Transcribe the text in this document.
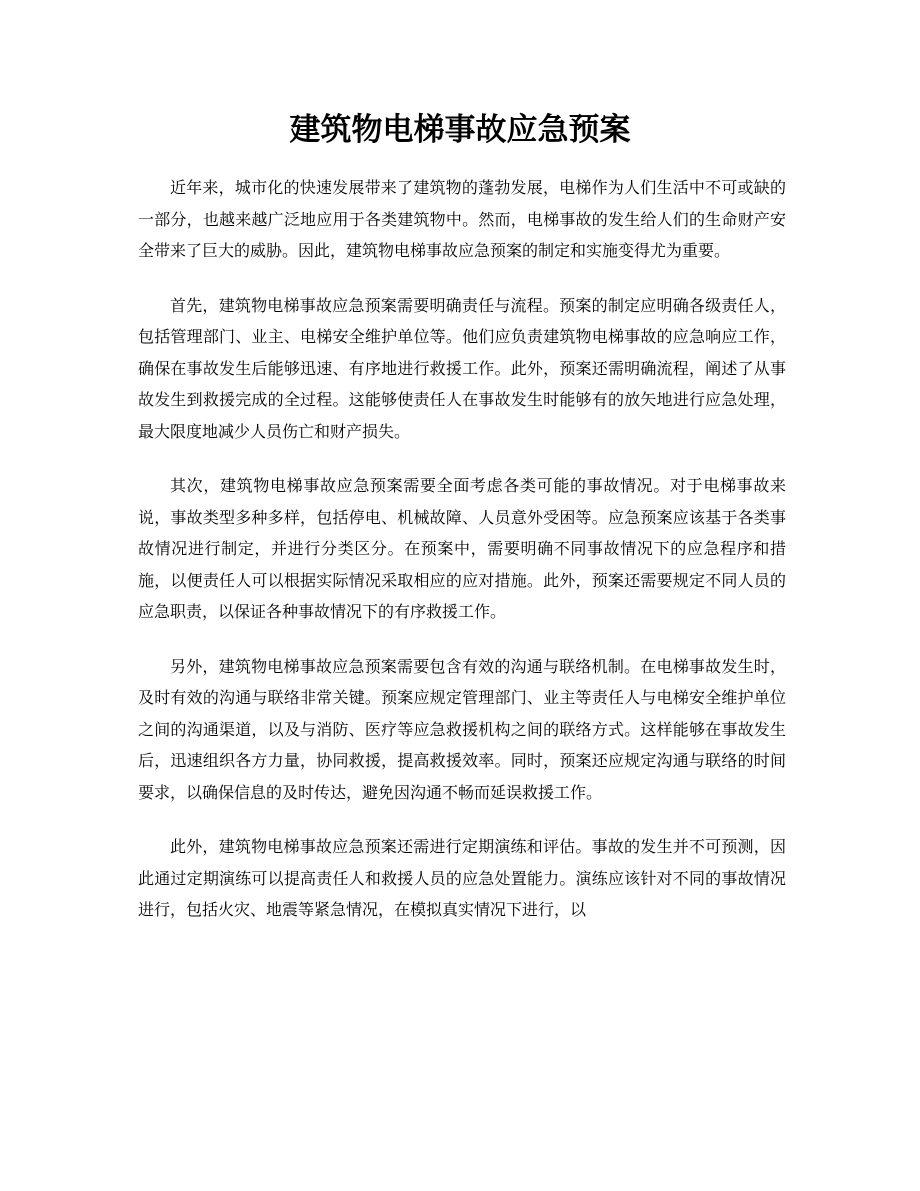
建筑物电梯事故应急预案

近年来，城市化的快速发展带来了建筑物的蓬勃发展，电梯作为人们生活中不可或缺的一部分，也越来越广泛地应用于各类建筑物中。然而，电梯事故的发生给人们的生命财产安全带来了巨大的威胁。因此，建筑物电梯事故应急预案的制定和实施变得尤为重要。

首先，建筑物电梯事故应急预案需要明确责任与流程。预案的制定应明确各级责任人，包括管理部门、业主、电梯安全维护单位等。他们应负责建筑物电梯事故的应急响应工作，确保在事故发生后能够迅速、有序地进行救援工作。此外，预案还需明确流程，阐述了从事故发生到救援完成的全过程。这能够使责任人在事故发生时能够有的放矢地进行应急处理，最大限度地减少人员伤亡和财产损失。

其次，建筑物电梯事故应急预案需要全面考虑各类可能的事故情况。对于电梯事故来说，事故类型多种多样，包括停电、机械故障、人员意外受困等。应急预案应该基于各类事故情况进行制定，并进行分类区分。在预案中，需要明确不同事故情况下的应急程序和措施，以便责任人可以根据实际情况采取相应的应对措施。此外，预案还需要规定不同人员的应急职责，以保证各种事故情况下的有序救援工作。

另外，建筑物电梯事故应急预案需要包含有效的沟通与联络机制。在电梯事故发生时，及时有效的沟通与联络非常关键。预案应规定管理部门、业主等责任人与电梯安全维护单位之间的沟通渠道，以及与消防、医疗等应急救援机构之间的联络方式。这样能够在事故发生后，迅速组织各方力量，协同救援，提高救援效率。同时，预案还应规定沟通与联络的时间要求，以确保信息的及时传达，避免因沟通不畅而延误救援工作。

此外，建筑物电梯事故应急预案还需进行定期演练和评估。事故的发生并不可预测，因此通过定期演练可以提高责任人和救援人员的应急处置能力。演练应该针对不同的事故情况进行，包括火灾、地震等紧急情况，在模拟真实情况下进行，以
